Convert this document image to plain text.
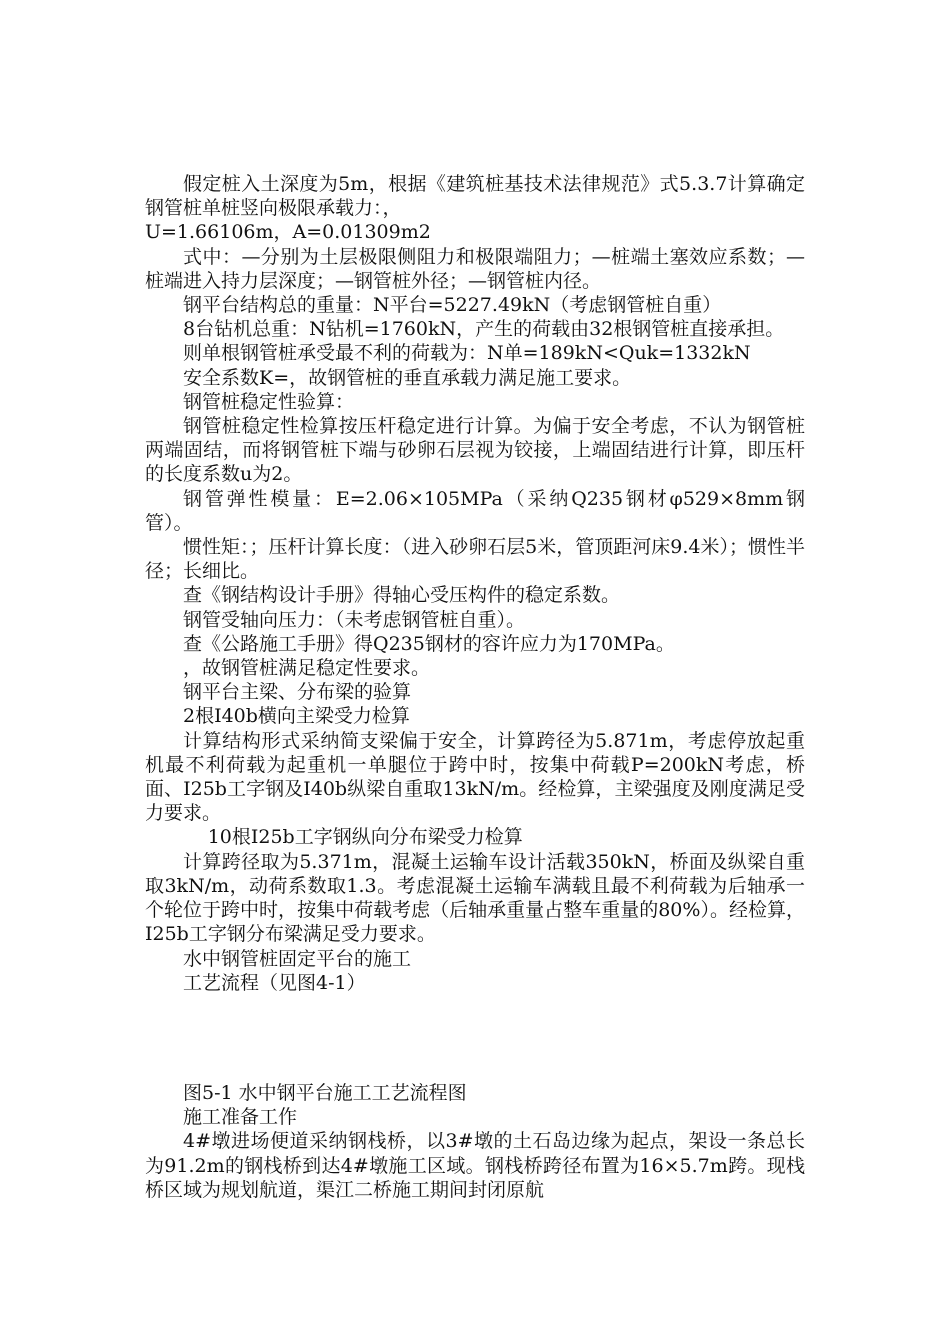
假定桩入土深度为5m，根据《建筑桩基技术法律规范》式5.3.7计算确定钢管桩单桩竖向极限承载力：，

U=1.66106m，A=0.01309m2

式中：—分别为土层极限侧阻力和极限端阻力；—桩端土塞效应系数；—桩端进入持力层深度；—钢管桩外径；—钢管桩内径。

钢平台结构总的重量：N平台=5227.49kN（考虑钢管桩自重）

8台钻机总重：N钻机=1760kN，产生的荷载由32根钢管桩直接承担。

则单根钢管桩承受最不利的荷载为：N单=189kN<Quk=1332kN

安全系数K=，故钢管桩的垂直承载力满足施工要求。

钢管桩稳定性验算：

钢管桩稳定性检算按压杆稳定进行计算。为偏于安全考虑，不认为钢管桩两端固结，而将钢管桩下端与砂卵石层视为铰接，上端固结进行计算，即压杆的长度系数u为2。

钢管弹性模量：E=2.06×105MPa（采纳Q235钢材φ529×8mm钢管）。

惯性矩：；压杆计算长度：（进入砂卵石层5米，管顶距河床9.4米）；惯性半径；长细比。

查《钢结构设计手册》得轴心受压构件的稳定系数。

钢管受轴向压力：（未考虑钢管桩自重）。

查《公路施工手册》得Q235钢材的容许应力为170MPa。

，故钢管桩满足稳定性要求。

钢平台主梁、分布梁的验算

2根I40b横向主梁受力检算

计算结构形式采纳简支梁偏于安全，计算跨径为5.871m，考虑停放起重机最不利荷载为起重机一单腿位于跨中时，按集中荷载P=200kN考虑，桥面、I25b工字钢及I40b纵梁自重取13kN/m。经检算，主梁强度及刚度满足受力要求。

10根I25b工字钢纵向分布梁受力检算

计算跨径取为5.371m，混凝土运输车设计活载350kN，桥面及纵梁自重取3kN/m，动荷系数取1.3。考虑混凝土运输车满载且最不利荷载为后轴承一个轮位于跨中时，按集中荷载考虑（后轴承重量占整车重量的80%）。经检算，I25b工字钢分布梁满足受力要求。

水中钢管桩固定平台的施工

工艺流程（见图4-1）

图5-1 水中钢平台施工工艺流程图

施工准备工作

4#墩进场便道采纳钢栈桥，以3#墩的土石岛边缘为起点，架设一条总长为91.2m的钢栈桥到达4#墩施工区域。钢栈桥跨径布置为16×5.7m跨。现栈桥区域为规划航道，渠江二桥施工期间封闭原航
